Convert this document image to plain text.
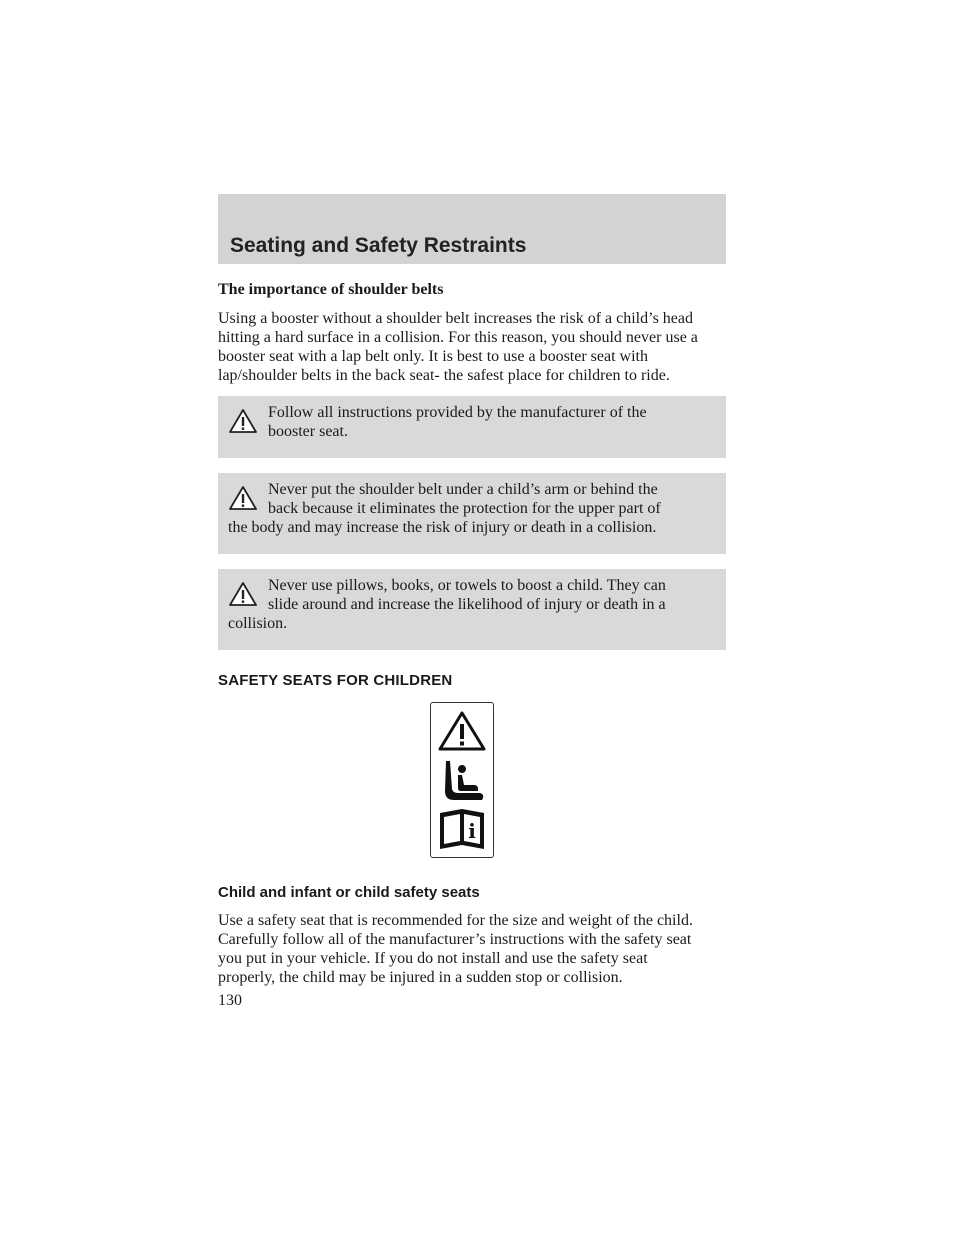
Seating and Safety Restraints

The importance of shoulder belts

Using a booster without a shoulder belt increases the risk of a child’s head hitting a hard surface in a collision. For this reason, you should never use a booster seat with a lap belt only. It is best to use a booster seat with lap/shoulder belts in the back seat- the safest place for children to ride.

Follow all instructions provided by the manufacturer of the
booster seat.
Never put the shoulder belt under a child’s arm or behind the
back because it eliminates the protection for the upper part of
the body and may increase the risk of injury or death in a collision.
Never use pillows, books, or towels to boost a child. They can
slide around and increase the likelihood of injury or death in a
collision.

SAFETY SEATS FOR CHILDREN

i

Child and infant or child safety seats

Use a safety seat that is recommended for the size and weight of the child. Carefully follow all of the manufacturer’s instructions with the safety seat you put in your vehicle. If you do not install and use the safety seat properly, the child may be injured in a sudden stop or collision.

130
